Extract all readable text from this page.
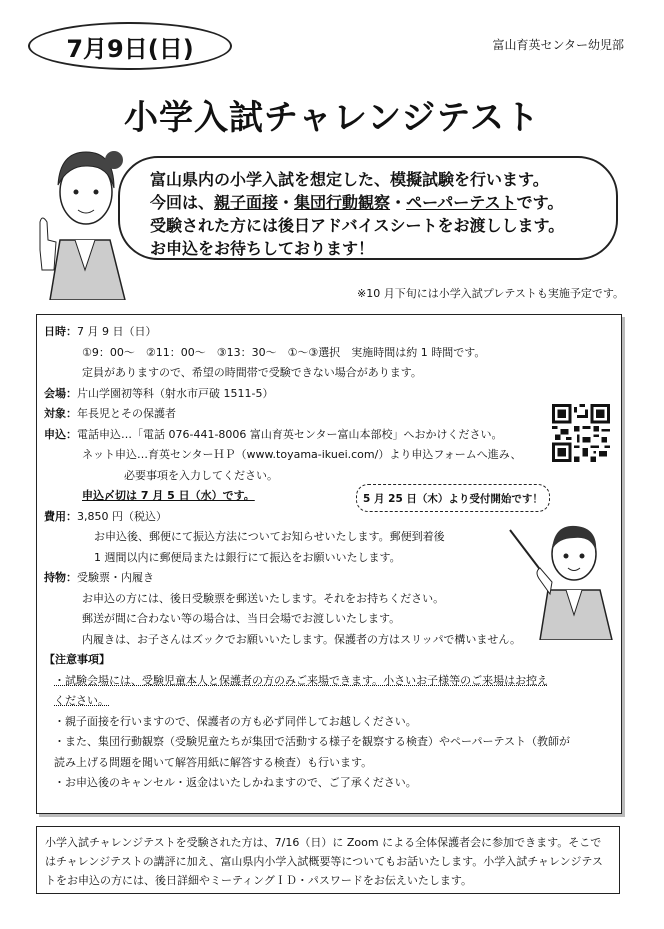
7月9日(日)	富山育英センター幼児部
小学入試チャレンジテスト

富山県内の小学入試を想定した、模擬試験を行います。

今回は、親子面接・集団行動観察・ペーパーテストです。

受験された方には後日アドバイスシートをお渡しします。

お申込をお待ちしております！

※10 月下旬には小学入試プレテストも実施予定です。
日時： 7 月 9 日（日）
①9：00～　②11：00～　③13：30～　①～③選択　実施時間は約 1 時間です。
定員がありますので、希望の時間帯で受験できない場合があります。
会場： 片山学園初等科（射水市戸破 1511-5）
対象： 年長児とその保護者
申込： 電話申込…「電話 076-441-8006 富山育英センター富山本部校」へおかけください。
ネット申込…育英センターＨＰ（www.toyama-ikuei.com/）より申込フォームへ進み、
必要事項を入力してください。
申込〆切は 7 月 5 日（水）です。
費用： 3,850 円（税込）
お申込後、郵便にて振込方法についてお知らせいたします。郵便到着後
1 週間以内に郵便局または銀行にて振込をお願いいたします。
持物： 受験票・内履き
お申込の方には、後日受験票を郵送いたします。それをお持ちください。
郵送が間に合わない等の場合は、当日会場でお渡しいたします。
内履きは、お子さんはズックでお願いいたします。保護者の方はスリッパで構いません。
【注意事項】
・試験会場には、受験児童本人と保護者の方のみご来場できます。小さいお子様等のご来場はお控え
ください。
・親子面接を行いますので、保護者の方も必ず同伴してお越しください。
・また、集団行動観察（受験児童たちが集団で活動する様子を観察する検査）やペーパーテスト（教師が
読み上げる問題を聞いて解答用紙に解答する検査）も行います。
・お申込後のキャンセル・返金はいたしかねますので、ご了承ください。
5 月 25 日（木）より受付開始です！
小学入試チャレンジテストを受験された方は、7/16（日）に Zoom による全体保護者会に参加できます。そこではチャレンジテストの講評に加え、富山県内小学入試概要等についてもお話いたします。小学入試チャレンジテストをお申込の方には、後日詳細やミーティングＩＤ・パスワードをお伝えいたします。
